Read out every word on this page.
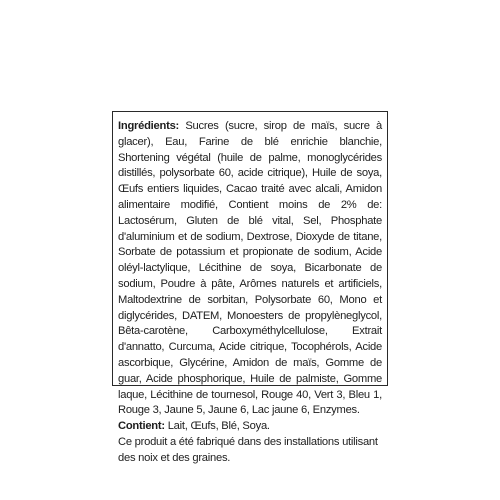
Ingrédients: Sucres (sucre, sirop de maïs, sucre à glacer), Eau, Farine de blé enrichie blanchie, Shortening végétal (huile de palme, monoglycérides distillés, polysorbate 60, acide citrique), Huile de soya, Œufs entiers liquides, Cacao traité avec alcali, Amidon alimentaire modifié, Contient moins de 2% de: Lactosérum, Gluten de blé vital, Sel, Phosphate d'aluminium et de sodium, Dextrose, Dioxyde de titane, Sorbate de potassium et propionate de sodium, Acide oléyl-lactylique, Lécithine de soya, Bicarbonate de sodium, Poudre à pâte, Arômes naturels et artificiels, Maltodextrine de sorbitan, Polysorbate 60, Mono et diglycérides, DATEM, Monoesters de propylèneglycol, Bêta-carotène, Carboxyméthylcellulose, Extrait d'annatto, Curcuma, Acide citrique, Tocophérols, Acide ascorbique, Glycérine, Amidon de maïs, Gomme de guar, Acide phosphorique, Huile de palmiste, Gomme laque, Lécithine de tournesol, Rouge 40, Vert 3, Bleu 1, Rouge 3, Jaune 5, Jaune 6, Lac jaune 6, Enzymes.

Contient: Lait, Œufs, Blé, Soya.

Ce produit a été fabriqué dans des installations utilisant des noix et des graines.
